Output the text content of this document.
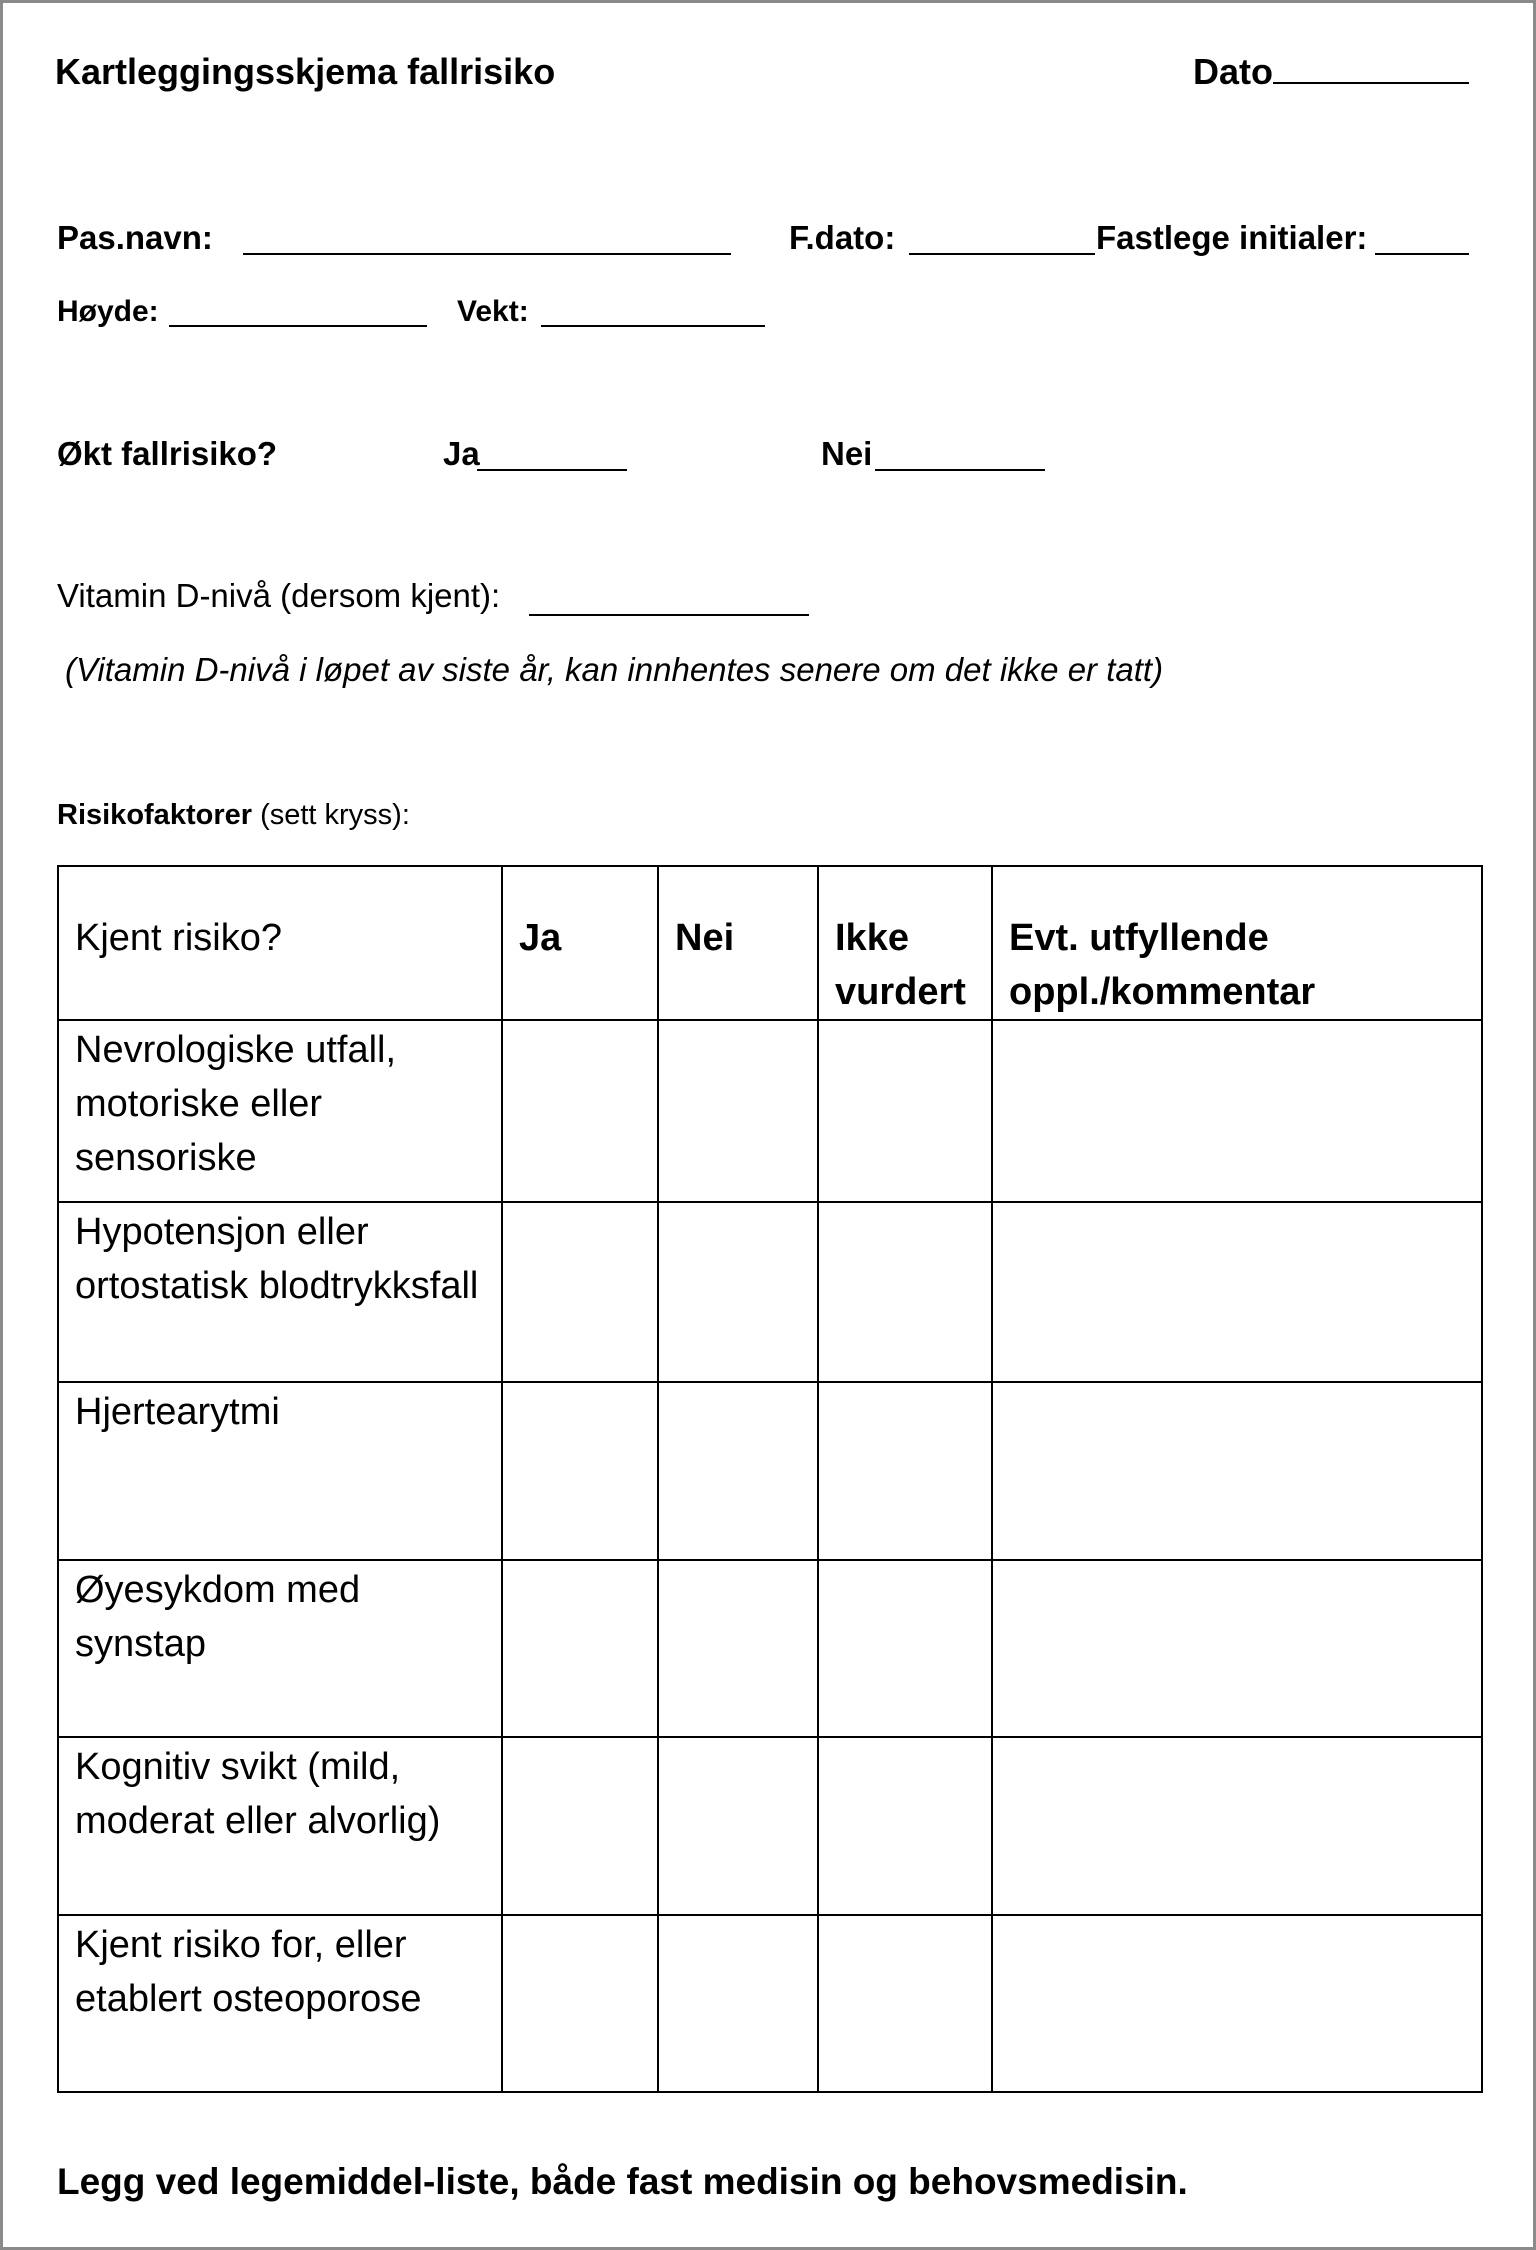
Kartleggingsskjema fallrisiko	Dato
Pas.navn:	F.dato:	Fastlege initialer:
Høyde:	Vekt:
Økt fallrisiko?	Ja	Nei
Vitamin D-nivå (dersom kjent):
(Vitamin D-nivå i løpet av siste år, kan innhentes senere om det ikke er tatt)
Risikofaktorer (sett kryss):
Kjent risiko?	Ja	Nei	Ikke vurdert	Evt. utfyllende oppl./kommentar
Nevrologiske utfall, motoriske eller sensoriske				
Hypotensjon eller ortostatisk blodtrykksfall				
Hjertearytmi				
Øyesykdom med synstap				
Kognitiv svikt (mild, moderat eller alvorlig)				
Kjent risiko for, eller etablert osteoporose				
Legg ved legemiddel-liste, både fast medisin og behovsmedisin.
